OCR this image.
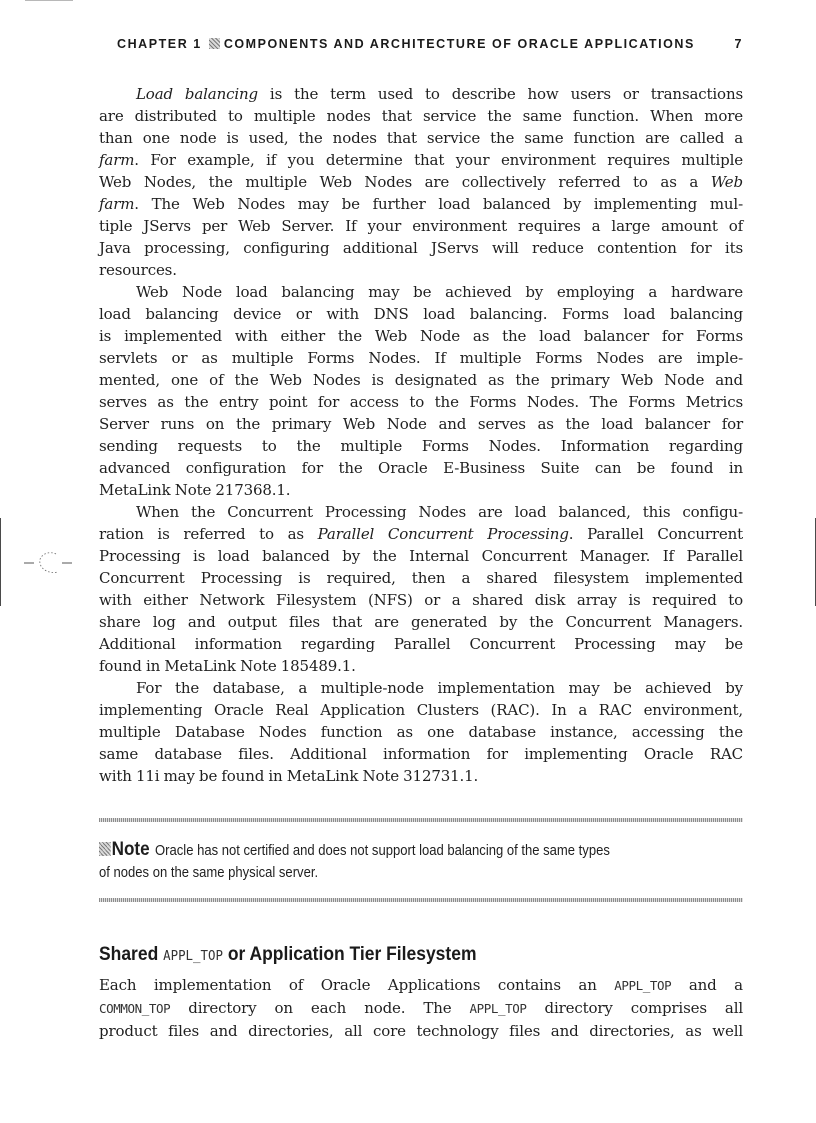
CHAPTER 1 COMPONENTS AND ARCHITECTURE OF ORACLE APPLICATIONS	7

Load balancing is the term used to describe how users or transactions
are distributed to multiple nodes that service the same function. When more
than one node is used, the nodes that service the same function are called a
farm. For example, if you determine that your environment requires multiple
Web Nodes, the multiple Web Nodes are collectively referred to as a Web
farm. The Web Nodes may be further load balanced by implementing mul-
tiple JServs per Web Server. If your environment requires a large amount of
Java processing, configuring additional JServs will reduce contention for its
resources.

Web Node load balancing may be achieved by employing a hardware
load balancing device or with DNS load balancing. Forms load balancing
is implemented with either the Web Node as the load balancer for Forms
servlets or as multiple Forms Nodes. If multiple Forms Nodes are imple-
mented, one of the Web Nodes is designated as the primary Web Node and
serves as the entry point for access to the Forms Nodes. The Forms Metrics
Server runs on the primary Web Node and serves as the load balancer for
sending requests to the multiple Forms Nodes. Information regarding
advanced configuration for the Oracle E-Business Suite can be found in
MetaLink Note 217368.1.

When the Concurrent Processing Nodes are load balanced, this configu-
ration is referred to as Parallel Concurrent Processing. Parallel Concurrent
Processing is load balanced by the Internal Concurrent Manager. If Parallel
Concurrent Processing is required, then a shared filesystem implemented
with either Network Filesystem (NFS) or a shared disk array is required to
share log and output files that are generated by the Concurrent Managers.
Additional information regarding Parallel Concurrent Processing may be
found in MetaLink Note 185489.1.

For the database, a multiple-node implementation may be achieved by
implementing Oracle Real Application Clusters (RAC). In a RAC environment,
multiple Database Nodes function as one database instance, accessing the
same database files. Additional information for implementing Oracle RAC
with 11i may be found in MetaLink Note 312731.1.

Note Oracle has not certified and does not support load balancing of the same types
of nodes on the same physical server.
Shared APPL_TOP or Application Tier Filesystem
Each implementation of Oracle Applications contains an APPL_TOP and a
COMMON_TOP directory on each node. The APPL_TOP directory comprises all
product files and directories, all core technology files and directories, as well
